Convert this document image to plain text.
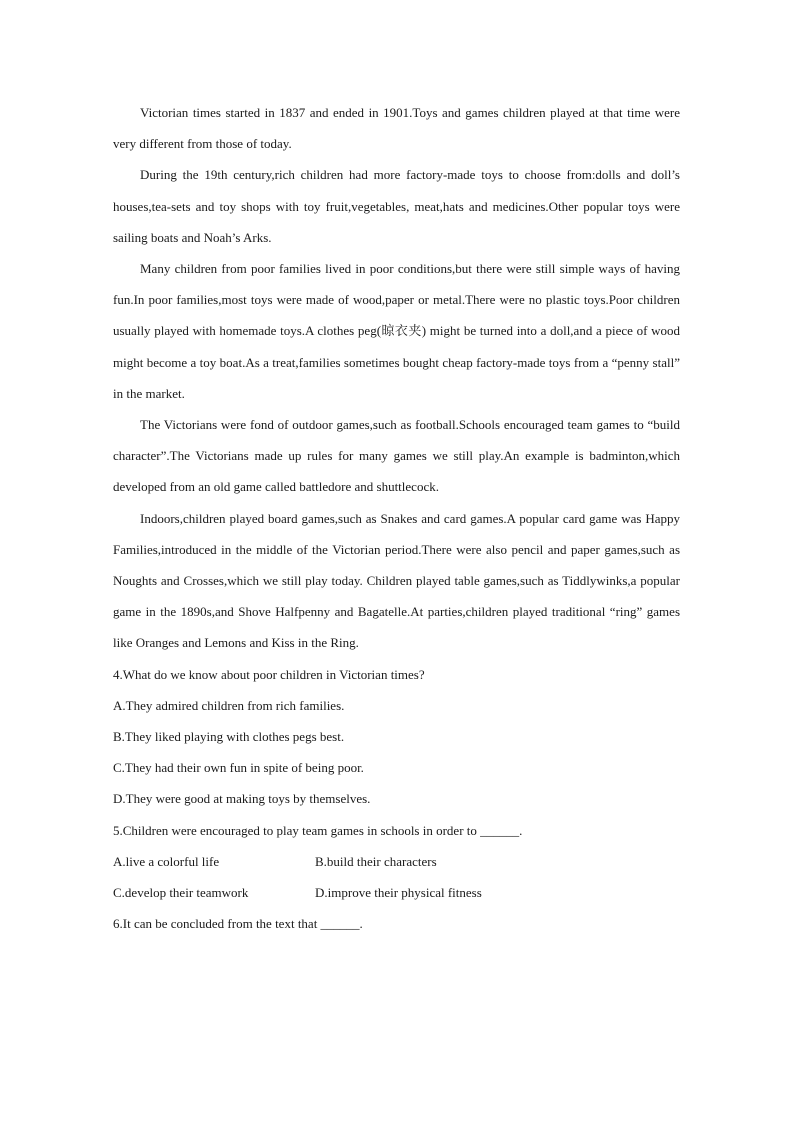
Victorian times started in 1837 and ended in 1901.Toys and games children played at that time were very different from those of today.

During the 19th century,rich children had more factory-made toys to choose from:dolls and doll’s houses,tea-sets and toy shops with toy fruit,vegetables, meat,hats and medicines.Other popular toys were sailing boats and Noah’s Arks.

Many children from poor families lived in poor conditions,but there were still simple ways of having fun.In poor families,most toys were made of wood,paper or metal.There were no plastic toys.Poor children usually played with homemade toys.A clothes peg(晾衣夹) might be turned into a doll,and a piece of wood might become a toy boat.As a treat,families sometimes bought cheap factory-made toys from a “penny stall” in the market.

The Victorians were fond of outdoor games,such as football.Schools encouraged team games to “build character”.The Victorians made up rules for many games we still play.An example is badminton,which developed from an old game called battledore and shuttlecock.

Indoors,children played board games,such as Snakes and card games.A popular card game was Happy Families,introduced in the middle of the Victorian period.There were also pencil and paper games,such as Noughts and Crosses,which we still play today. Children played table games,such as Tiddlywinks,a popular game in the 1890s,and Shove Halfpenny and Bagatelle.At parties,children played traditional “ring” games like Oranges and Lemons and Kiss in the Ring.

4.What do we know about poor children in Victorian times?

A.They admired children from rich families.

B.They liked playing with clothes pegs best.

C.They had their own fun in spite of being poor.

D.They were good at making toys by themselves.

5.Children were encouraged to play team games in schools in order to ______.

A.live a colorful life	B.build their characters
C.develop their teamwork	D.improve their physical fitness

6.It can be concluded from the text that ______.
